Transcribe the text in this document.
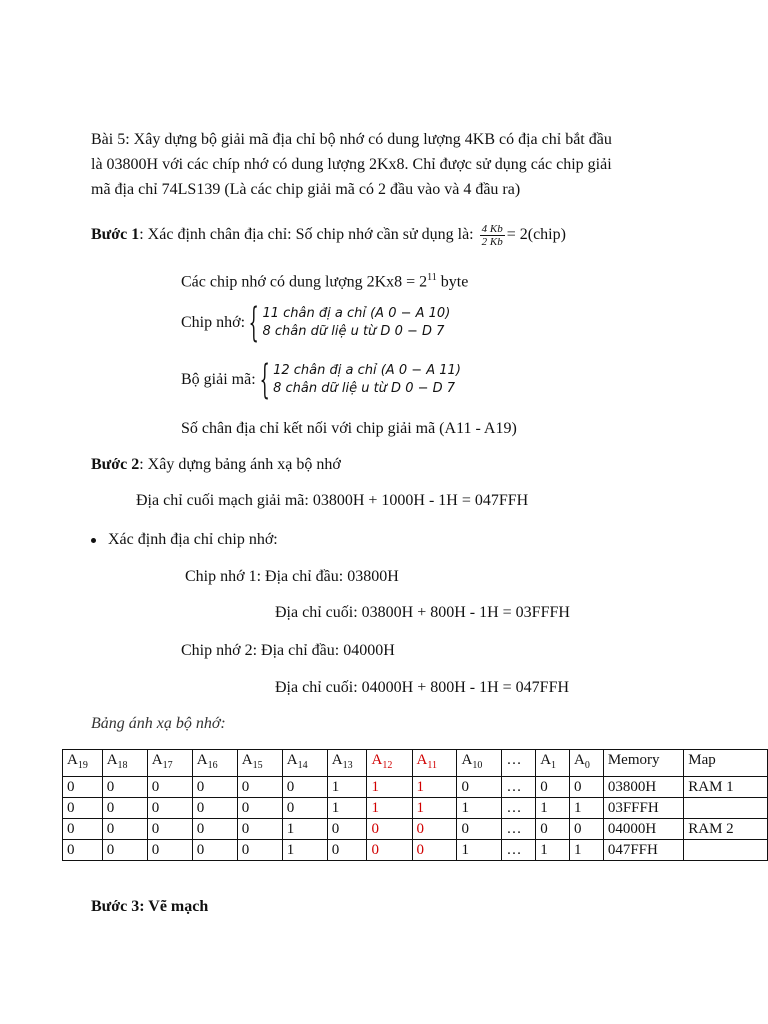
Bài 5: Xây dựng bộ giải mã địa chỉ bộ nhớ có dung lượng 4KB có địa chỉ bắt đầu
là 03800H với các chíp nhớ có dung lượng 2Kx8. Chỉ được sử dụng các chip giải
mã địa chỉ 74LS139 (Là các chip giải mã có 2 đầu vào và 4 đầu ra)
Bước 1: Xác định chân địa chỉ: Số chip nhớ cần sử dụng là: $\frac{4 Kb}{2 Kb}$ = 2(chip)
Các chip nhớ có dung lượng $2Kx8 = 2^{11}$ byte
Chip nhớ: { 11 chân đị a chỉ (A 0 − A 10)
8 chân dữ liệ u từ D 0 − D 7
Bộ giải mã: { 12 chân đị a chỉ (A 0 − A 11)
8 chân dữ liệ u từ D 0 − D 7
Số chân địa chỉ kết nối với chip giải mã (A11 - A19)
Bước 2: Xây dựng bảng ánh xạ bộ nhớ
Địa chỉ cuối mạch giải mã: 03800H + 1000H - 1H = 047FFH
Xác định địa chỉ chip nhớ:
Chip nhớ 1: Địa chỉ đầu: 03800H
Địa chỉ cuối: 03800H + 800H - 1H = 03FFFH
Chip nhớ 2: Địa chỉ đầu: 04000H
Địa chỉ cuối: 04000H + 800H - 1H = 047FFH
Bảng ánh xạ bộ nhớ:
$A_{19}$	$A_{18}$	$A_{17}$	$A_{16}$	$A_{15}$	$A_{14}$	$A_{13}$	$A_{12}$	$A_{11}$	$A_{10}$	…	$A_1$	$A_0$	Memory	Map
0	0	0	0	0	0	1	1	1	0	…	0	0	03800H	RAM 1
0	0	0	0	0	0	1	1	1	1	…	1	1	03FFFH	
0	0	0	0	0	1	0	0	0	0	…	0	0	04000H	RAM 2
0	0	0	0	0	1	0	0	0	1	…	1	1	047FFH	
Bước 3: Vẽ mạch
